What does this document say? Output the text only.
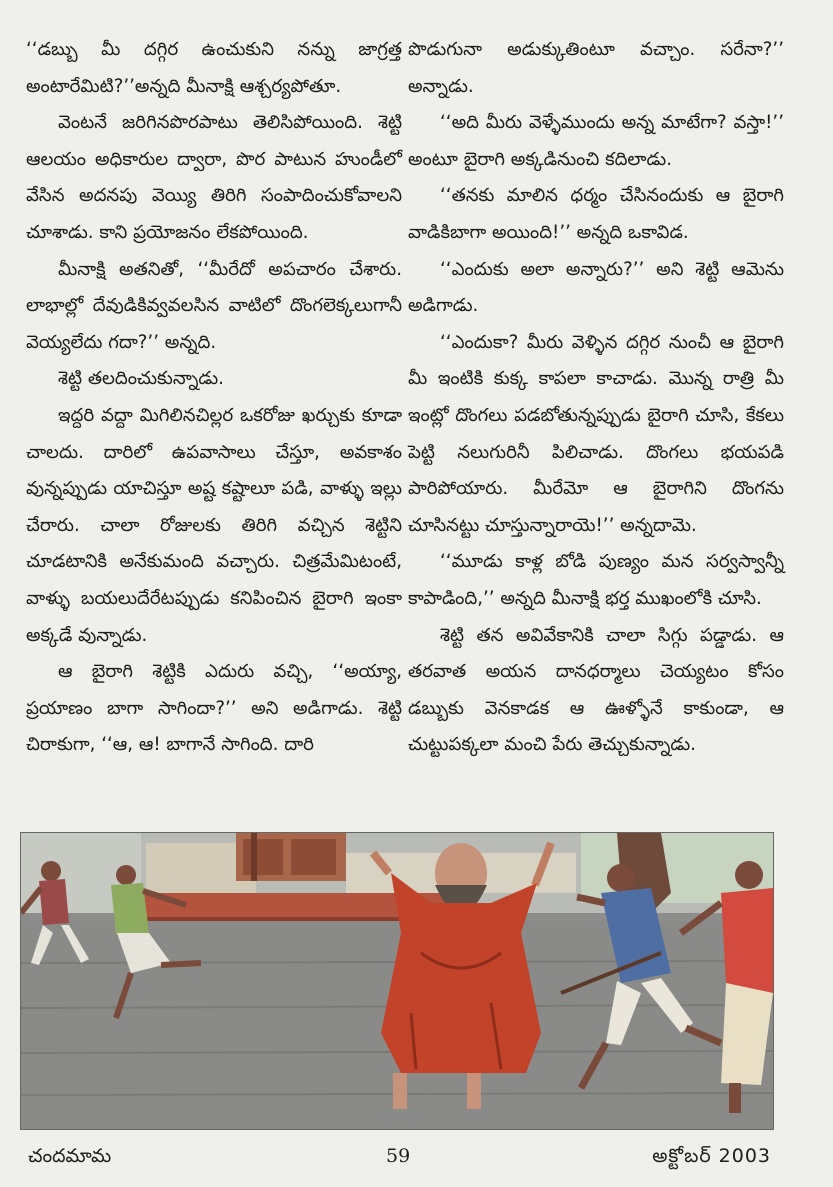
‘‘డబ్బు మీ దగ్గిర ఉంచుకుని నన్ను జాగ్రత్త అంటారేమిటి?’’అన్నది మీనాక్షి ఆశ్చర్యపోతూ.

వెంటనే జరిగినపొరపాటు తెలిసిపోయింది. శెట్టి ఆలయం అధికారుల ద్వారా, పొర పాటున హుండీలో వేసిన అదనపు వెయ్యి తిరిగి సంపాదించుకోవాలని చూశాడు. కాని ప్రయోజనం లేకపోయింది.

మీనాక్షి అతనితో, ‘‘మీరేదో అపచారం చేశారు. లాభాల్లో దేవుడికివ్వవలసిన వాటిలో దొంగలెక్కలుగానీ వెయ్యలేదు గదా?’’ అన్నది.

శెట్టి తలదించుకున్నాడు.

ఇద్దరి వద్దా మిగిలినచిల్లర ఒకరోజు ఖర్చుకు కూడా చాలదు. దారిలో ఉపవాసాలు చేస్తూ, అవకాశం వున్నప్పుడు యాచిస్తూ అష్ట కష్టాలూ పడి, వాళ్ళు ఇల్లు చేరారు. చాలా రోజులకు తిరిగి వచ్చిన శెట్టిని చూడటానికి అనేకుమంది వచ్చారు. చిత్రమేమిటంటే, వాళ్ళు బయలుదేరేటప్పుడు కనిపించిన బైరాగి ఇంకా అక్కడే వున్నాడు.

ఆ బైరాగి శెట్టికి ఎదురు వచ్చి, ‘‘అయ్యా, ప్రయాణం బాగా సాగిందా?’’ అని అడిగాడు. శెట్టి చిరాకుగా, ‘‘ఆ, ఆ! బాగానే సాగింది. దారి

పొడుగునా అడుక్కుతింటూ వచ్చాం. సరేనా?’’ అన్నాడు.

‘‘అది మీరు వెళ్ళేముందు అన్న మాటేగా? వస్తా!’’ అంటూ బైరాగి అక్కడినుంచి కదిలాడు.

‘‘తనకు మాలిన ధర్మం చేసినందుకు ఆ బైరాగి వాడికిబాగా అయింది!’’ అన్నది ఒకావిడ.

‘‘ఎందుకు అలా అన్నారు?’’ అని శెట్టి ఆమెను అడిగాడు.

‘‘ఎందుకా? మీరు వెళ్ళిన దగ్గిర నుంచీ ఆ బైరాగి మీ ఇంటికి కుక్క కాపలా కాచాడు. మొన్న రాత్రి మీ ఇంట్లో దొంగలు పడబోతున్నప్పుడు బైరాగి చూసి, కేకలు పెట్టి నలుగురినీ పిలిచాడు. దొంగలు భయపడి పారిపోయారు. మీరేమో ఆ బైరాగిని దొంగను చూసినట్టు చూస్తున్నారాయె!’’ అన్నదామె.

‘‘మూడు కాళ్ల బోడి పుణ్యం మన సర్వస్వాన్నీ కాపాడింది,’’ అన్నది మీనాక్షి భర్త ముఖంలోకి చూసి.

శెట్టి తన అవివేకానికి చాలా సిగ్గు పడ్డాడు. ఆ తరవాత అయన దానధర్మాలు చెయ్యటం కోసం డబ్బుకు వెనకాడక ఆ ఊళ్ళోనే కాకుండా, ఆ చుట్టుపక్కలా మంచి పేరు తెచ్చుకున్నాడు.

చందమామ	59	అక్టోబర్ 2003
